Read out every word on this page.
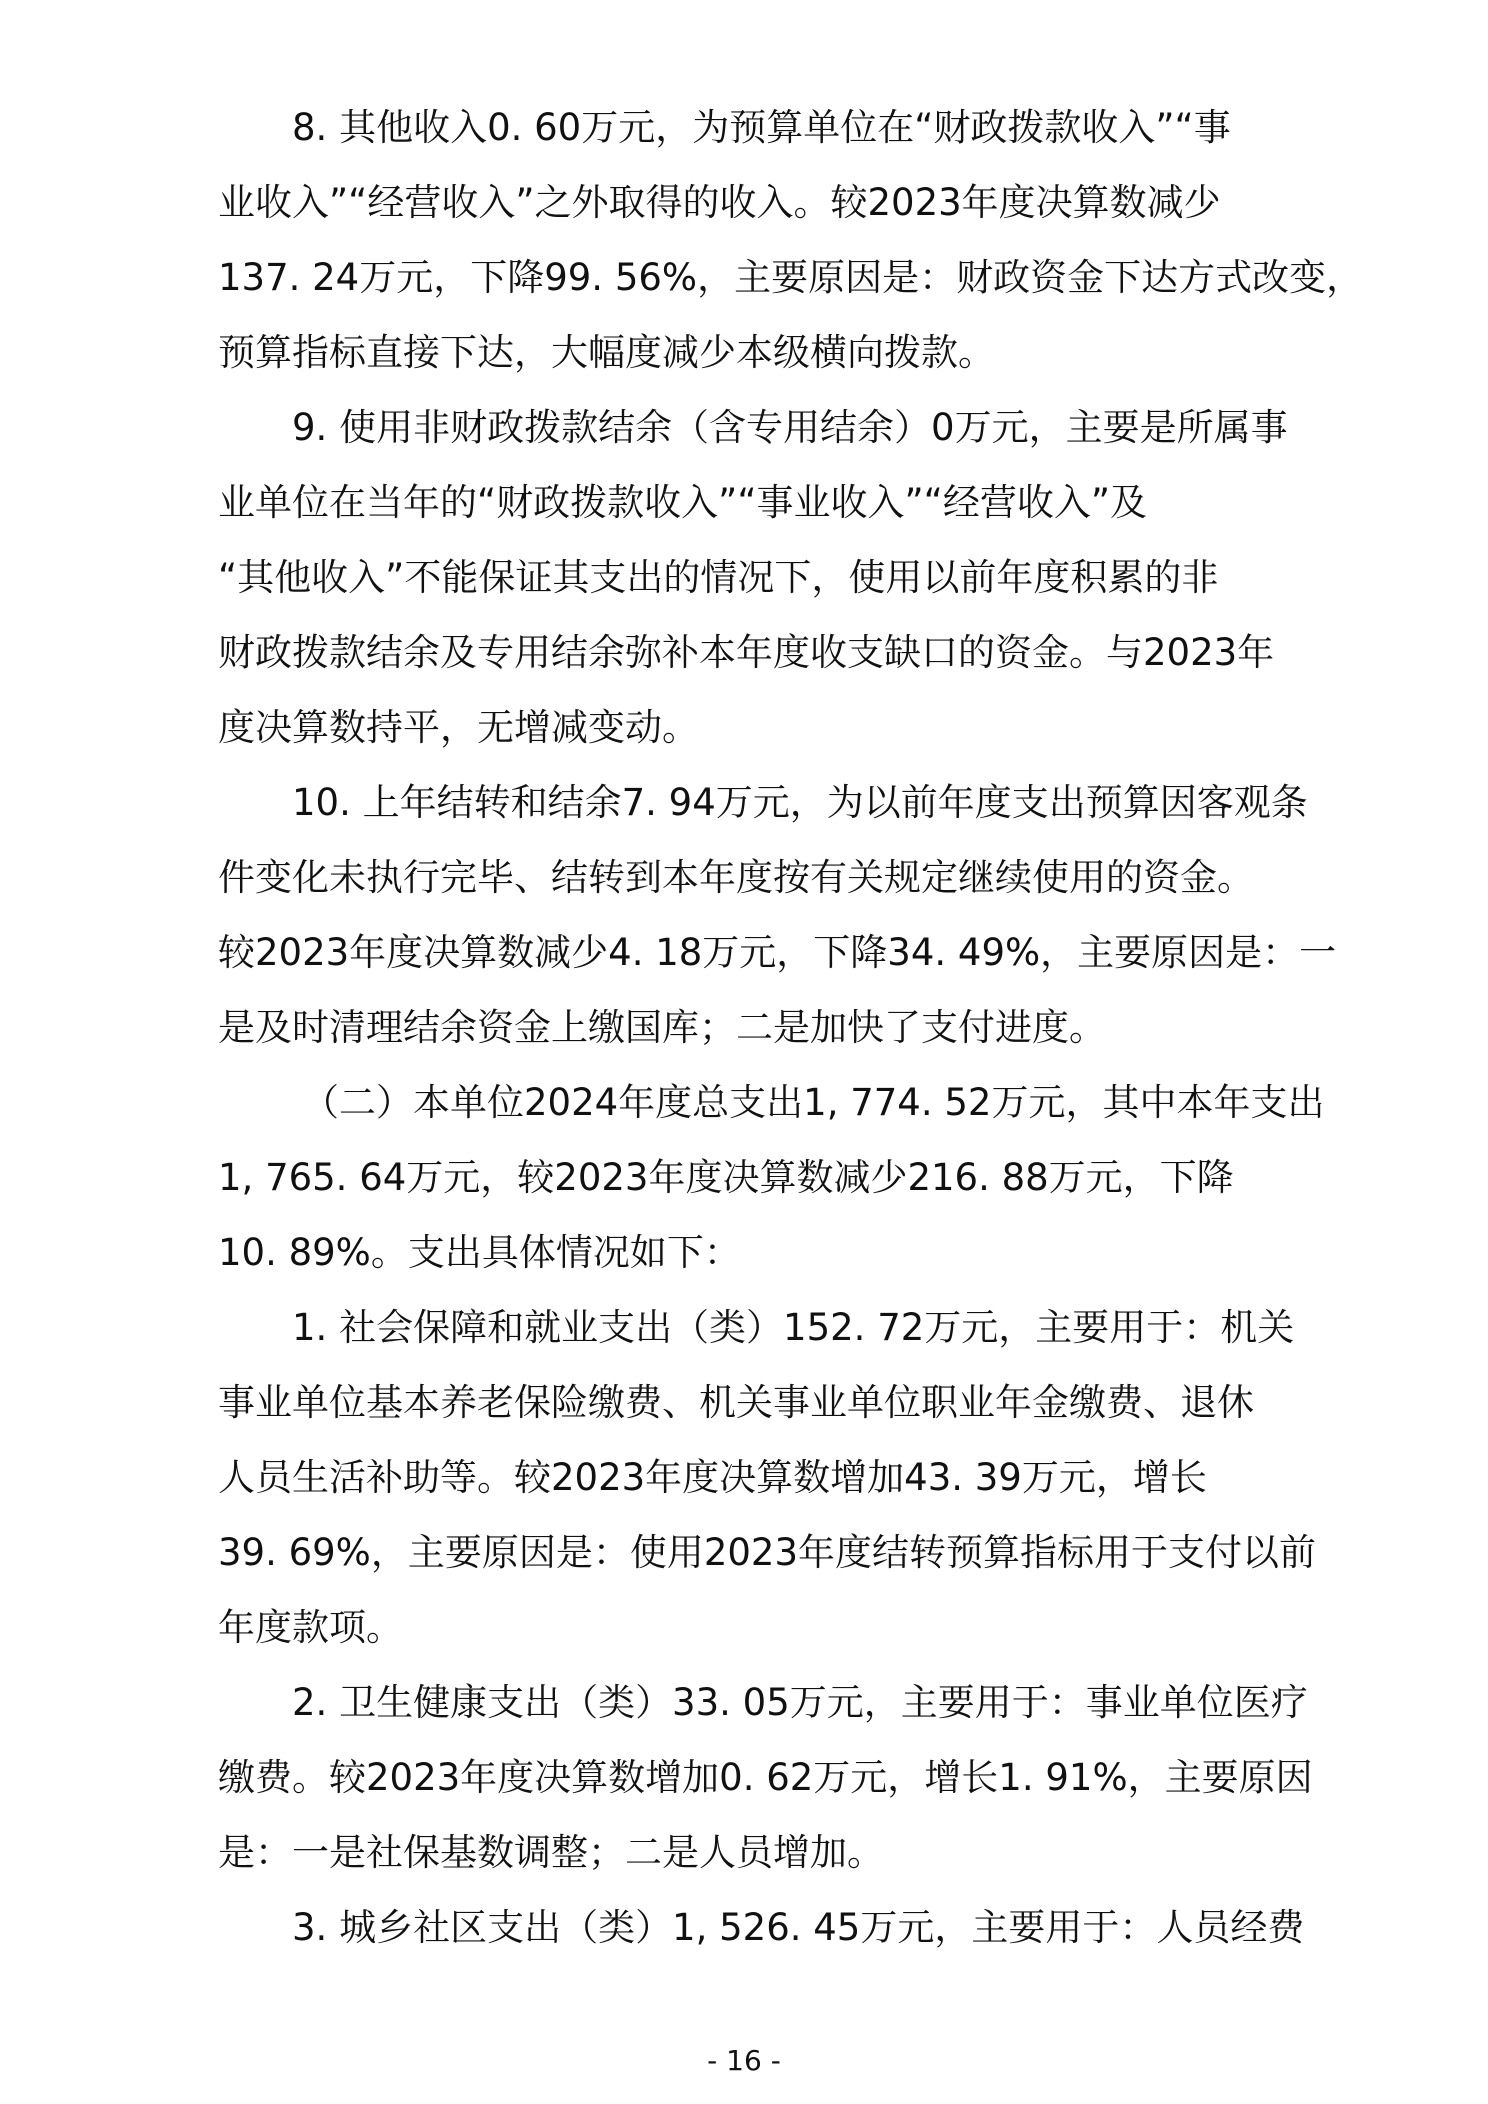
8. 其他收入0. 60万元，为预算单位在“财政拨款收入”“事
业收入”“经营收入”之外取得的收入。较2023年度决算数减少
137. 24万元，下降99. 56%，主要原因是：财政资金下达方式改变，
预算指标直接下达，大幅度减少本级横向拨款。
9. 使用非财政拨款结余（含专用结余）0万元，主要是所属事
业单位在当年的“财政拨款收入”“事业收入”“经营收入”及
“其他收入”不能保证其支出的情况下，使用以前年度积累的非
财政拨款结余及专用结余弥补本年度收支缺口的资金。与2023年
度决算数持平，无增减变动。
10. 上年结转和结余7. 94万元，为以前年度支出预算因客观条
件变化未执行完毕、结转到本年度按有关规定继续使用的资金。
较2023年度决算数减少4. 18万元，下降34. 49%，主要原因是：一
是及时清理结余资金上缴国库；二是加快了支付进度。
（二）本单位2024年度总支出1, 774. 52万元，其中本年支出
1, 765. 64万元，较2023年度决算数减少216. 88万元，下降
10. 89%。支出具体情况如下：
1. 社会保障和就业支出（类）152. 72万元，主要用于：机关
事业单位基本养老保险缴费、机关事业单位职业年金缴费、退休
人员生活补助等。较2023年度决算数增加43. 39万元，增长
39. 69%，主要原因是：使用2023年度结转预算指标用于支付以前
年度款项。
2. 卫生健康支出（类）33. 05万元，主要用于：事业单位医疗
缴费。较2023年度决算数增加0. 62万元，增长1. 91%，主要原因
是：一是社保基数调整；二是人员增加。
3. 城乡社区支出（类）1, 526. 45万元，主要用于：人员经费
- 16 -
